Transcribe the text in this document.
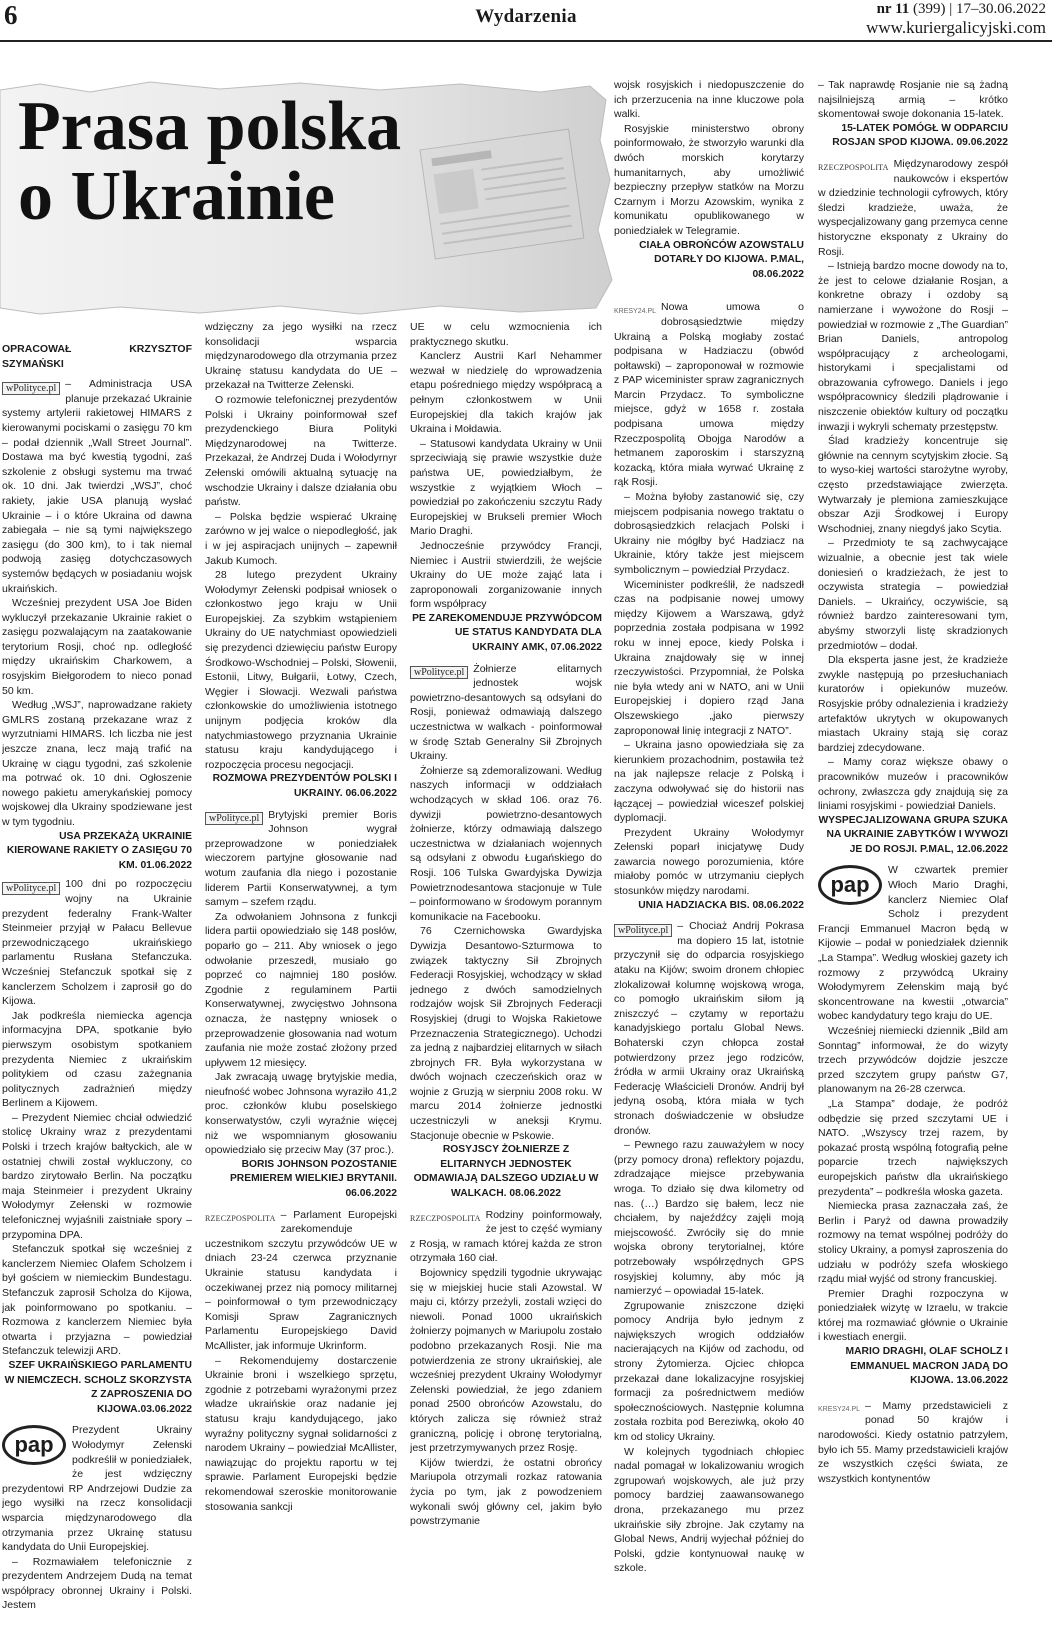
6	Wydarzenia	nr 11 (399) | 17–30.06.2022
www.kuriergalicyjski.com
Prasa polska
o Ukrainie

OPRACOWAŁ KRZYSZTOF SZYMAŃSKI

wPolityce.pl – Administracja USA planuje przekazać Ukrainie systemy artylerii rakietowej HIMARS z kierowanymi pociskami o zasięgu 70 km – podał dziennik „Wall Street Journal”. Dostawa ma być kwestią tygodni, zaś szkolenie z obsługi systemu ma trwać ok. 10 dni. Jak twierdzi „WSJ”, choć rakiety, jakie USA planują wysłać Ukrainie – i o które Ukraina od dawna zabiegała – nie są tymi największego zasięgu (do 300 km), to i tak niemal podwoją zasięg dotychczasowych systemów będących w posiadaniu wojsk ukraińskich.

Wcześniej prezydent USA Joe Biden wykluczył przekazanie Ukrainie rakiet o zasięgu pozwalającym na zaatakowanie terytorium Rosji, choć np. odległość między ukraińskim Charkowem, a rosyjskim Biełgorodem to nieco ponad 50 km.

Według „WSJ”, naprowadzane rakiety GMLRS zostaną przekazane wraz z wyrzutniami HIMARS. Ich liczba nie jest jeszcze znana, lecz mają trafić na Ukrainę w ciągu tygodni, zaś szkolenie ma potrwać ok. 10 dni. Ogłoszenie nowego pakietu amerykańskiej pomocy wojskowej dla Ukrainy spodziewane jest w tym tygodniu.

USA PRZEKAŻĄ UKRAINIE KIEROWANE RAKIETY O ZASIĘGU 70 KM. 01.06.2022

wPolityce.pl 100 dni po rozpoczęciu wojny na Ukrainie prezydent federalny Frank-Walter Steinmeier przyjął w Pałacu Bellevue przewodniczącego ukraińskiego parlamentu Rusłana Stefanczuka. Wcześniej Stefanczuk spotkał się z kanclerzem Scholzem i zaprosił go do Kijowa.

Jak podkreśla niemiecka agencja informacyjna DPA, spotkanie było pierwszym osobistym spotkaniem prezydenta Niemiec z ukraińskim politykiem od czasu zażegnania politycznych zadrażnień między Berlinem a Kijowem.

– Prezydent Niemiec chciał odwiedzić stolicę Ukrainy wraz z prezydentami Polski i trzech krajów bałtyckich, ale w ostatniej chwili został wykluczony, co bardzo zirytowało Berlin. Na początku maja Steinmeier i prezydent Ukrainy Wołodymyr Zełenski w rozmowie telefonicznej wyjaśnili zaistniałe spory – przypomina DPA.

Stefanczuk spotkał się wcześniej z kanclerzem Niemiec Olafem Scholzem i był gościem w niemieckim Bundestagu. Stefanczuk zaprosił Scholza do Kijowa, jak poinformowano po spotkaniu. – Rozmowa z kanclerzem Niemiec była otwarta i przyjazna – powiedział Stefanczuk telewizji ARD.

SZEF UKRAIŃSKIEGO PARLAMENTU W NIEMCZECH. SCHOLZ SKORZYSTA Z ZAPROSZENIA DO KIJOWA.03.06.2022

pap
Prezydent Ukrainy Wołodymyr Zełenski podkreślił w poniedziałek, że jest wdzięczny prezydentowi RP Andrzejowi Dudzie za jego wysiłki na rzecz konsolidacji wsparcia międzynarodowego dla otrzymania przez Ukrainę statusu kandydata do Unii Europejskiej.

– Rozmawiałem telefonicznie z prezydentem Andrzejem Dudą na temat współpracy obronnej Ukrainy i Polski. Jestem

wdzięczny za jego wysiłki na rzecz konsolidacji wsparcia międzynarodowego dla otrzymania przez Ukrainę statusu kandydata do UE – przekazał na Twitterze Zełenski.

O rozmowie telefonicznej prezydentów Polski i Ukrainy poinformował szef prezydenckiego Biura Polityki Międzynarodowej na Twitterze. Przekazał, że Andrzej Duda i Wołodyrnyr Zełenski omówili aktualną sytuację na wschodzie Ukrainy i dalsze działania obu państw.

– Polska będzie wspierać Ukrainę zarówno w jej walce o niepodległość, jak i w jej aspiracjach unijnych – zapewnił Jakub Kumoch.

28 lutego prezydent Ukrainy Wołodymyr Zełenski podpisał wniosek o członkostwo jego kraju w Unii Europejskiej. Za szybkim wstąpieniem Ukrainy do UE natychmiast opowiedzieli się prezydenci dziewięciu państw Europy Środkowo-Wschodniej – Polski, Słowenii, Estonii, Litwy, Bułgarii, Łotwy, Czech, Węgier i Słowacji. Wezwali państwa członkowskie do umożliwienia istotnego unijnym podjęcia kroków dla natychmiastowego przyznania Ukrainie statusu kraju kandydującego i rozpoczęcia procesu negocjacji.

ROZMOWA PREZYDENTÓW POLSKI I UKRAINY. 06.06.2022

wPolityce.pl Brytyjski premier Boris Johnson wygrał przeprowadzone w poniedziałek wieczorem partyjne głosowanie nad wotum zaufania dla niego i pozostanie liderem Partii Konserwatywnej, a tym samym – szefem rządu.

Za odwołaniem Johnsona z funkcji lidera partii opowiedziało się 148 posłów, poparło go – 211. Aby wniosek o jego odwołanie przeszedł, musiało go poprzeć co najmniej 180 posłów. Zgodnie z regulaminem Partii Konserwatywnej, zwycięstwo Johnsona oznacza, że następny wniosek o przeprowadzenie głosowania nad wotum zaufania nie może zostać złożony przed upływem 12 miesięcy.

Jak zwracają uwagę brytyjskie media, nieufność wobec Johnsona wyraziło 41,2 proc. członków klubu poselskiego konserwatystów, czyli wyraźnie więcej niż we wspomnianym głosowaniu opowiedziało się przeciw May (37 proc.).

BORIS JOHNSON POZOSTANIE PREMIEREM WIELKIEJ BRYTANII. 06.06.2022

RZECZPOSPOLITA – Parlament Europejski zarekomenduje uczestnikom szczytu przywódców UE w dniach 23-24 czerwca przyznanie Ukrainie statusu kandydata i oczekiwanej przez nią pomocy militarnej – poinformował o tym przewodniczący Komisji Spraw Zagranicznych Parlamentu Europejskiego David McAllister, jak informuje Ukrinform.

– Rekomendujemy dostarczenie Ukrainie broni i wszelkiego sprzętu, zgodnie z potrzebami wyrażonymi przez władze ukraińskie oraz nadanie jej statusu kraju kandydującego, jako wyraźny polityczny sygnał solidarności z narodem Ukrainy – powiedział McAllister, nawiązując do projektu raportu w tej sprawie. Parlament Europejski będzie rekomendował szeroskie monitorowanie stosowania sankcji

UE w celu wzmocnienia ich praktycznego skutku.

Kanclerz Austrii Karl Nehammer wezwał w niedzielę do wprowadzenia etapu pośredniego między współpracą a pełnym członkostwem w Unii Europejskiej dla takich krajów jak Ukraina i Mołdawia.

– Statusowi kandydata Ukrainy w Unii sprzeciwiają się prawie wszystkie duże państwa UE, powiedziałbym, że wszystkie z wyjątkiem Włoch – powiedział po zakończeniu szczytu Rady Europejskiej w Brukseli premier Włoch Mario Draghi.

Jednocześnie przywódcy Francji, Niemiec i Austrii stwierdzili, że wejście Ukrainy do UE może zająć lata i zaproponowali zorganizowanie innych form współpracy

PE ZAREKOMENDUJE PRZYWÓDCOM UE STATUS KANDYDATA DLA UKRAINY AMK, 07.06.2022

wPolityce.pl Żołnierze elitarnych jednostek wojsk powietrzno-desantowych są odsyłani do Rosji, ponieważ odmawiają dalszego uczestnictwa w walkach - poinformował w środę Sztab Generalny Sił Zbrojnych Ukrainy.

Żołnierze są zdemoralizowani. Według naszych informacji w oddziałach wchodzących w skład 106. oraz 76. dywizji powietrzno-desantowych żołnierze, którzy odmawiają dalszego uczestnictwa w działaniach wojennych są odsyłani z obwodu Ługańskiego do Rosji. 106 Tulska Gwardyjska Dywizja Powietrznodesantowa stacjonuje w Tule – poinformowano w środowym porannym komunikacie na Facebooku.

76 Czernichowska Gwardyjska Dywizja Desantowo-Szturmowa to związek taktyczny Sił Zbrojnych Federacji Rosyjskiej, wchodzący w skład jednego z dwóch samodzielnych rodzajów wojsk Sił Zbrojnych Federacji Rosyjskiej (drugi to Wojska Rakietowe Przeznaczenia Strategicznego). Uchodzi za jedną z najbardziej elitarnych w siłach zbrojnych FR. Była wykorzystana w dwóch wojnach czeczeńskich oraz w wojnie z Gruzją w sierpniu 2008 roku. W marcu 2014 żołnierze jednostki uczestniczyli w aneksji Krymu. Stacjonuje obecnie w Pskowie.

ROSYJSCY ŻOŁNIERZE Z ELITARNYCH JEDNOSTEK ODMAWIAJĄ DALSZEGO UDZIAŁU W WALKACH. 08.06.2022

RZECZPOSPOLITA Rodziny poinformowały, że jest to część wymiany z Rosją, w ramach której każda ze stron otrzymała 160 ciał.

Bojownicy spędzili tygodnie ukrywając się w miejskiej hucie stali Azowstal. W maju ci, którzy przeżyli, zostali wzięci do niewoli. Ponad 1000 ukraińskich żołnierzy pojmanych w Mariupolu zostało podobno przekazanych Rosji. Nie ma potwierdzenia ze strony ukraińskiej, ale wcześniej prezydent Ukrainy Wołodymyr Zełenski powiedział, że jego zdaniem ponad 2500 obrońców Azowstalu, do których zalicza się również straż graniczną, policję i obronę terytorialną, jest przetrzymywanych przez Rosję.

Kijów twierdzi, że ostatni obrońcy Mariupola otrzymali rozkaz ratowania życia po tym, jak z powodzeniem wykonali swój główny cel, jakim było powstrzymanie

wojsk rosyjskich i niedopuszczenie do ich przerzucenia na inne kluczowe pola walki.

Rosyjskie ministerstwo obrony poinformowało, że stworzyło warunki dla dwóch morskich korytarzy humanitarnych, aby umożliwić bezpieczny przepływ statków na Morzu Czarnym i Morzu Azowskim, wynika z komunikatu opublikowanego w poniedziałek w Telegramie.

CIAŁA OBROŃCÓW AZOWSTALU DOTARŁY DO KIJOWA. P.MAL, 08.06.2022

KRESY24.PL Nowa umowa o dobrosąsiedztwie między Ukrainą a Polską mogłaby zostać podpisana w Hadziaczu (obwód połtawski) – zaproponował w rozmowie z PAP wiceminister spraw zagranicznych Marcin Przydacz. To symboliczne miejsce, gdyż w 1658 r. została podpisana umowa między Rzeczpospolitą Obojga Narodów a hetmanem zaporoskim i starszyzną kozacką, która miała wyrwać Ukrainę z rąk Rosji.

– Można byłoby zastanowić się, czy miejscem podpisania nowego traktatu o dobrosąsiedzkich relacjach Polski i Ukrainy nie mógłby być Hadziacz na Ukrainie, który także jest miejscem symbolicznym – powiedział Przydacz.

Wiceminister podkreślił, że nadszedł czas na podpisanie nowej umowy między Kijowem a Warszawą, gdyż poprzednia została podpisana w 1992 roku w innej epoce, kiedy Polska i Ukraina znajdowały się w innej rzeczywistości. Przypomniał, że Polska nie była wtedy ani w NATO, ani w Unii Europejskiej i dopiero rząd Jana Olszewskiego „jako pierwszy zaproponował linię integracji z NATO”.

– Ukraina jasno opowiedziała się za kierunkiem prozachodnim, postawiła też na jak najlepsze relacje z Polską i zaczyna odwoływać się do historii nas łączącej – powiedział wiceszef polskiej dyplomacji.

Prezydent Ukrainy Wołodymyr Zełenski poparł inicjatywę Dudy zawarcia nowego porozumienia, które miałoby pomóc w utrzymaniu ciepłych stosunków między narodami.

UNIA HADZIACKA BIS. 08.06.2022

wPolityce.pl – Chociaż Andrij Pokrasa ma dopiero 15 lat, istotnie przyczynił się do odparcia rosyjskiego ataku na Kijów; swoim dronem chłopiec zlokalizował kolumnę wojskową wroga, co pomogło ukraińskim siłom ją zniszczyć – czytamy w reportażu kanadyjskiego portalu Global News. Bohaterski czyn chłopca został potwierdzony przez jego rodziców, źródła w armii Ukrainy oraz Ukraińską Federację Właścicieli Dronów. Andrij był jedyną osobą, która miała w tych stronach doświadczenie w obsłudze dronów.

– Pewnego razu zauważyłem w nocy (przy pomocy drona) reflektory pojazdu, zdradzające miejsce przebywania wroga. To działo się dwa kilometry od nas. (…) Bardzo się bałem, lecz nie chciałem, by najeźdźcy zajęli moją miejscowość. Zwróciły się do mnie wojska obrony terytorialnej, które potrzebowały współrzędnych GPS rosyjskiej kolumny, aby móc ją namierzyć – opowiadał 15-latek.

Zgrupowanie zniszczone dzięki pomocy Andrija było jednym z największych wrogich oddziałów nacierających na Kijów od zachodu, od strony Żytomierza. Ojciec chłopca przekazał dane lokalizacyjne rosyjskiej formacji za pośrednictwem mediów społecznościowych. Następnie kolumna została rozbita pod Bereziwką, około 40 km od stolicy Ukrainy.

W kolejnych tygodniach chłopiec nadal pomagał w lokalizowaniu wrogich zgrupowań wojskowych, ale już przy pomocy bardziej zaawansowanego drona, przekazanego mu przez ukraińskie siły zbrojne. Jak czytamy na Global News, Andrij wyjechał później do Polski, gdzie kontynuował naukę w szkole.

– Tak naprawdę Rosjanie nie są żadną najsilniejszą armią – krótko skomentował swoje dokonania 15-latek.

15-LATEK POMÓGŁ W ODPARCIU ROSJAN SPOD KIJOWA. 09.06.2022

RZECZPOSPOLITA Międzynarodowy zespół naukowców i ekspertów w dziedzinie technologii cyfrowych, który śledzi kradzieże, uważa, że wyspecjalizowany gang przemyca cenne historyczne eksponaty z Ukrainy do Rosji.

– Istnieją bardzo mocne dowody na to, że jest to celowe działanie Rosjan, a konkretne obrazy i ozdoby są namierzane i wywożone do Rosji – powiedział w rozmowie z „The Guardian” Brian Daniels, antropolog współpracujący z archeologami, historykami i specjalistami od obrazowania cyfrowego. Daniels i jego współpracownicy śledzili plądrowanie i niszczenie obiektów kultury od początku inwazji i wykryli schematy przestępstw.

Ślad kradzieży koncentruje się głównie na cennym scytyjskim złocie. Są to wyso-kiej wartości starożytne wyroby, często przedstawiające zwierzęta. Wytwarzały je plemiona zamieszkujące obszar Azji Środkowej i Europy Wschodniej, znany niegdyś jako Scytia.

– Przedmioty te są zachwycające wizualnie, a obecnie jest tak wiele doniesień o kradzieżach, że jest to oczywista strategia – powiedział Daniels. – Ukraińcy, oczywiście, są również bardzo zainteresowani tym, abyśmy stworzyli listę skradzionych przedmiotów – dodał.

Dla eksperta jasne jest, że kradzieże zwykle następują po przesłuchaniach kuratorów i opiekunów muzeów. Rosyjskie próby odnalezienia i kradzieży artefaktów ukrytych w okupowanych miastach Ukrainy stają się coraz bardziej zdecydowane.

– Mamy coraz większe obawy o pracowników muzeów i pracowników ochrony, zwłaszcza gdy znajdują się za liniami rosyjskimi - powiedział Daniels.

WYSPECJALIZOWANA GRUPA SZUKA NA UKRAINIE ZABYTKÓW I WYWOZI JE DO ROSJI. P.MAL, 12.06.2022

pap
W czwartek premier Włoch Mario Draghi, kanclerz Niemiec Olaf Scholz i prezydent Francji Emmanuel Macron będą w Kijowie – podał w poniedziałek dziennik „La Stampa”. Według włoskiej gazety ich rozmowy z przywódcą Ukrainy Wołodymyrem Zełenskim mają być skoncentrowane na kwestii „otwarcia” wobec kandydatury tego kraju do UE.

Wcześniej niemiecki dziennik „Bild am Sonntag” informował, że do wizyty trzech przywódców dojdzie jeszcze przed szczytem grupy państw G7, planowanym na 26-28 czerwca.

„La Stampa” dodaje, że podróż odbędzie się przed szczytami UE i NATO. „Wszyscy trzej razem, by pokazać prostą wspólną fotografią pełne poparcie trzech największych europejskich państw dla ukraińskiego prezydenta” – podkreśla włoska gazeta.

Niemiecka prasa zaznaczała zaś, że Berlin i Paryż od dawna prowadziły rozmowy na temat wspólnej podróży do stolicy Ukrainy, a pomysł zaproszenia do udziału w podróży szefa włoskiego rządu miał wyjść od strony francuskiej.

Premier Draghi rozpoczyna w poniedziałek wizytę w Izraelu, w trakcie której ma rozmawiać głównie o Ukrainie i kwestiach energii.

MARIO DRAGHI, OLAF SCHOLZ I EMMANUEL MACRON JADĄ DO KIJOWA. 13.06.2022

KRESY24.PL – Mamy przedstawicieli z ponad 50 krajów i narodowości. Kiedy ostatnio patrzyłem, było ich 55. Mamy przedstawicieli krajów ze wszystkich części świata, ze wszystkich kontynentów
